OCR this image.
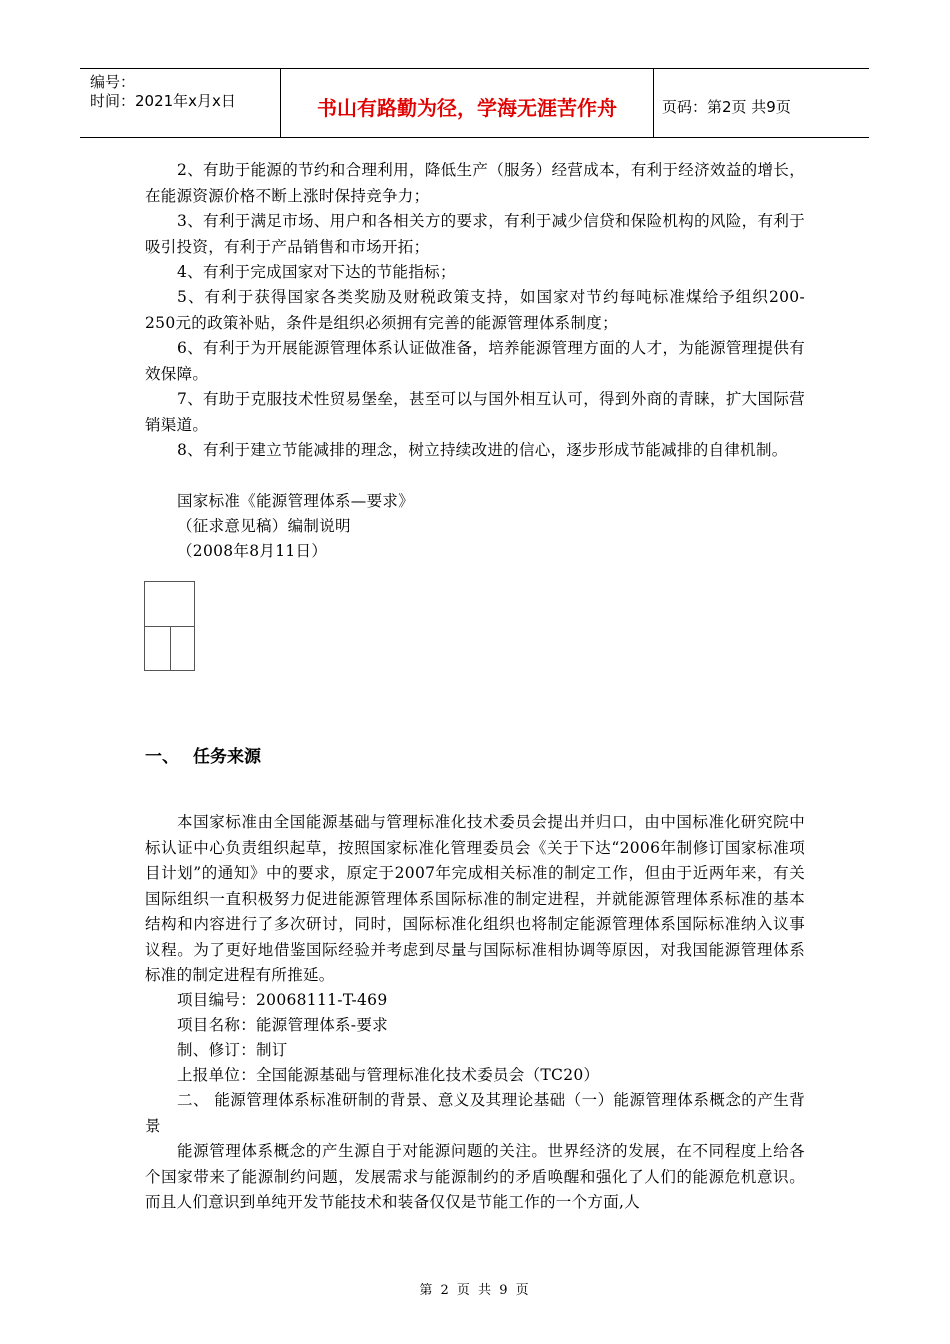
编号：
时间：2021年x月x日	书山有路勤为径，学海无涯苦作舟	页码：第2页 共9页

2、有助于能源的节约和合理利用，降低生产（服务）经营成本，有利于经济效益的增长，在能源资源价格不断上涨时保持竞争力；

3、有利于满足市场、用户和各相关方的要求，有利于减少信贷和保险机构的风险，有利于吸引投资，有利于产品销售和市场开拓；

4、有利于完成国家对下达的节能指标；

5、有利于获得国家各类奖励及财税政策支持，如国家对节约每吨标准煤给予组织200-250元的政策补贴，条件是组织必须拥有完善的能源管理体系制度；

6、有利于为开展能源管理体系认证做准备，培养能源管理方面的人才，为能源管理提供有效保障。

7、有助于克服技术性贸易堡垒，甚至可以与国外相互认可，得到外商的青睐，扩大国际营销渠道。

8、有利于建立节能减排的理念，树立持续改进的信心，逐步形成节能减排的自律机制。

国家标准《能源管理体系—要求》

（征求意见稿）编制说明

（2008年8月11日）

一、 任务来源

本国家标准由全国能源基础与管理标准化技术委员会提出并归口，由中国标准化研究院中标认证中心负责组织起草，按照国家标准化管理委员会《关于下达“2006年制修订国家标准项目计划”的通知》中的要求，原定于2007年完成相关标准的制定工作，但由于近两年来，有关国际组织一直积极努力促进能源管理体系国际标准的制定进程，并就能源管理体系标准的基本结构和内容进行了多次研讨，同时，国际标准化组织也将制定能源管理体系国际标准纳入议事议程。为了更好地借鉴国际经验并考虑到尽量与国际标准相协调等原因，对我国能源管理体系标准的制定进程有所推延。

项目编号：20068111-T-469

项目名称：能源管理体系-要求

制、修订：制订

上报单位：全国能源基础与管理标准化技术委员会（TC20）

二、 能源管理体系标准研制的背景、意义及其理论基础（一）能源管理体系概念的产生背景

能源管理体系概念的产生源自于对能源问题的关注。世界经济的发展，在不同程度上给各个国家带来了能源制约问题，发展需求与能源制约的矛盾唤醒和强化了人们的能源危机意识。而且人们意识到单纯开发节能技术和装备仅仅是节能工作的一个方面,人

第 2 页 共 9 页
